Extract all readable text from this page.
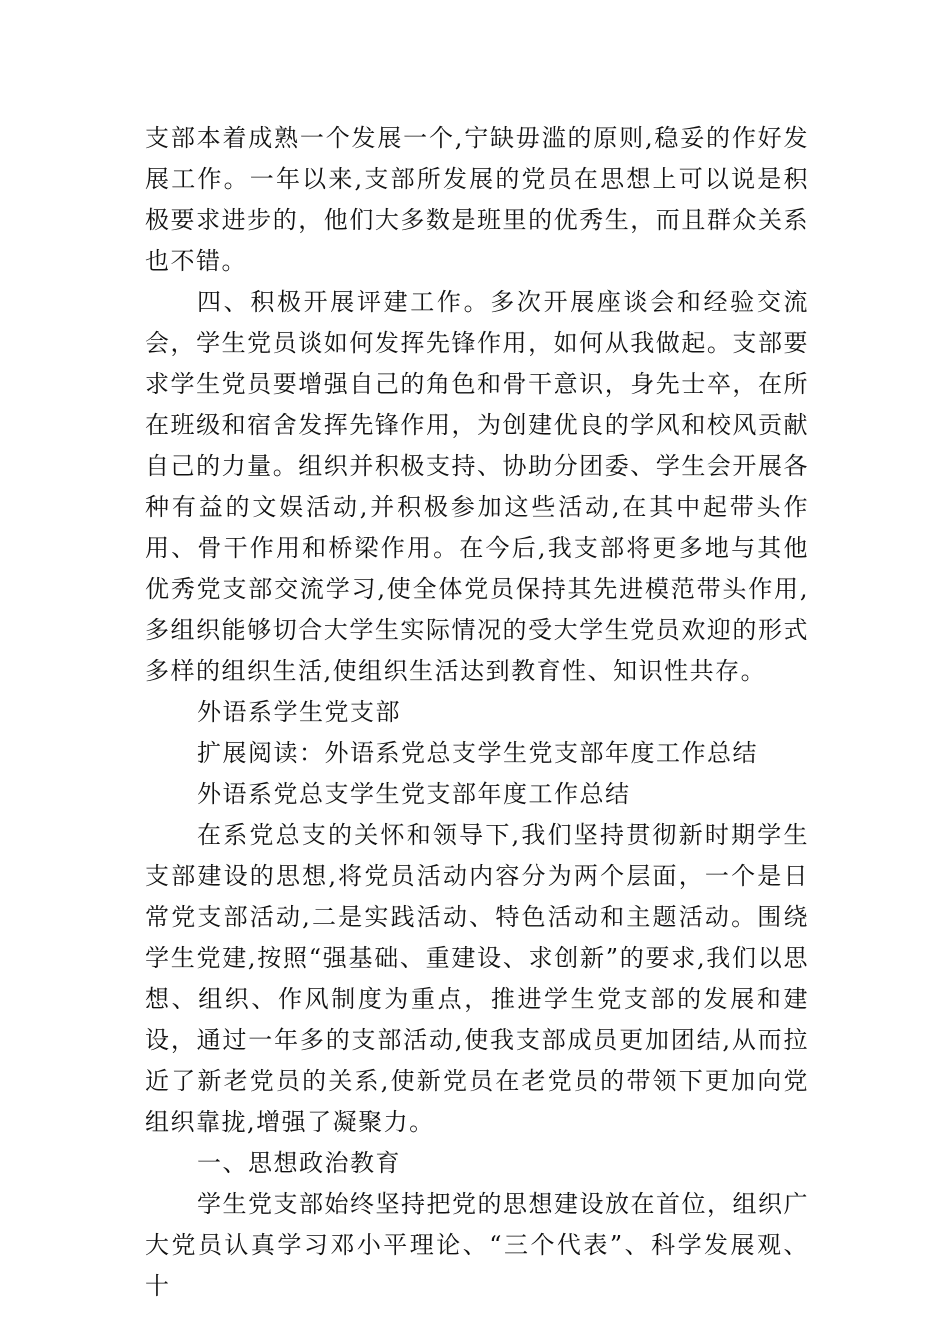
支部本着成熟一个发展一个,宁缺毋滥的原则,稳妥的作好发展工作。一年以来,支部所发展的党员在思想上可以说是积极要求进步的，他们大多数是班里的优秀生，而且群众关系也不错。

四、积极开展评建工作。多次开展座谈会和经验交流会，学生党员谈如何发挥先锋作用，如何从我做起。支部要求学生党员要增强自己的角色和骨干意识，身先士卒，在所在班级和宿舍发挥先锋作用，为创建优良的学风和校风贡献自己的力量。组织并积极支持、协助分团委、学生会开展各种有益的文娱活动,并积极参加这些活动,在其中起带头作用、骨干作用和桥梁作用。在今后,我支部将更多地与其他优秀党支部交流学习,使全体党员保持其先进模范带头作用,多组织能够切合大学生实际情况的受大学生党员欢迎的形式多样的组织生活,使组织生活达到教育性、知识性共存。

外语系学生党支部

扩展阅读：外语系党总支学生党支部年度工作总结

外语系党总支学生党支部年度工作总结

在系党总支的关怀和领导下,我们坚持贯彻新时期学生支部建设的思想,将党员活动内容分为两个层面，一个是日常党支部活动,二是实践活动、特色活动和主题活动。围绕学生党建,按照“强基础、重建设、求创新”的要求,我们以思想、组织、作风制度为重点，推进学生党支部的发展和建设，通过一年多的支部活动,使我支部成员更加团结,从而拉近了新老党员的关系,使新党员在老党员的带领下更加向党组织靠拢,增强了凝聚力。

一、思想政治教育

学生党支部始终坚持把党的思想建设放在首位，组织广大党员认真学习邓小平理论、“三个代表”、科学发展观、十
